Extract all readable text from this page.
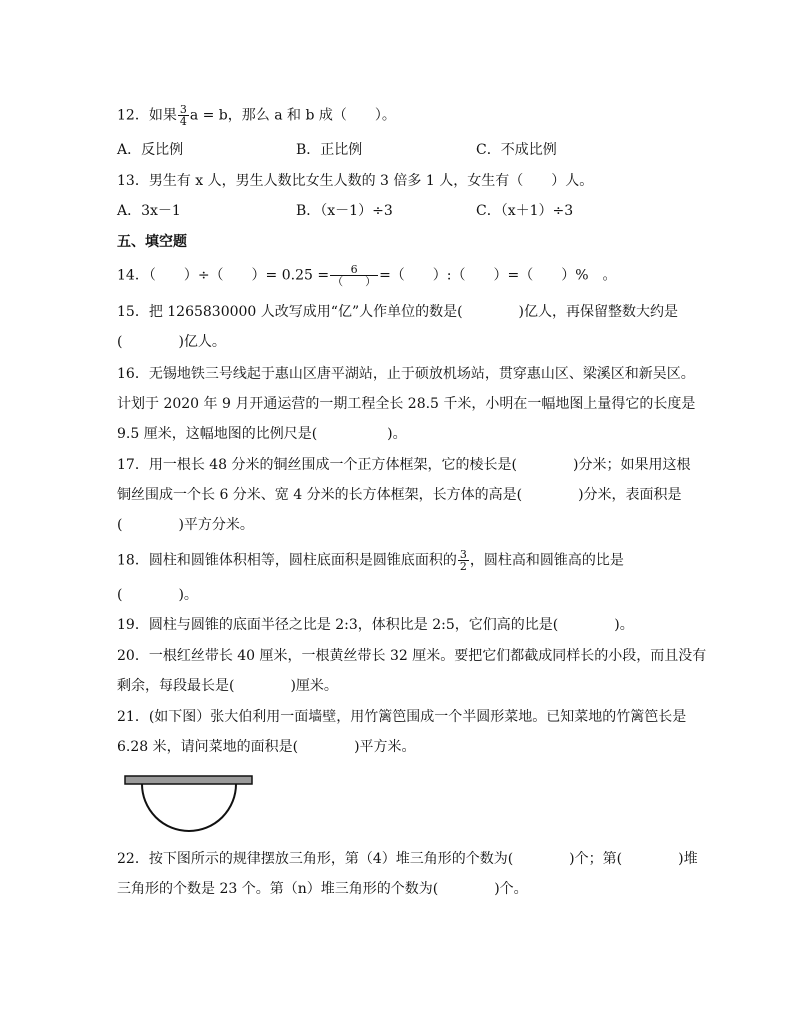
12．如果 $\frac{3}{4}$ a = b，那么 a 和 b 成（　　）。
A．反比例	B．正比例	C．不成比例
13．男生有 x 人，男生人数比女生人数的 3 倍多 1 人，女生有（　　）人。
A．3x－1	B．（x－1）÷3	C．（x＋1）÷3
五、填空题
14．（　　）÷（　　）= $0.25 = \frac{6}{( )}$ =（　　）:（　　）=（　　）%　。
15．把 1265830000 人改写成用“亿”人作单位的数是(　　　　)亿人，再保留整数大约是
(　　　　)亿人。
16．无锡地铁三号线起于惠山区唐平湖站，止于硕放机场站，贯穿惠山区、梁溪区和新吴区。
计划于 2020 年 9 月开通运营的一期工程全长 28.5 千米，小明在一幅地图上量得它的长度是
9.5 厘米，这幅地图的比例尺是(　　　　　)。
17．用一根长 48 分米的铜丝围成一个正方体框架，它的棱长是(　　　　)分米；如果用这根
铜丝围成一个长 6 分米、宽 4 分米的长方体框架，长方体的高是(　　　　)分米，表面积是
(　　　　)平方分米。
18．圆柱和圆锥体积相等，圆柱底面积是圆锥底面积的 $\frac{3}{2}$ ，圆柱高和圆锥高的比是
(　　　　)。
19．圆柱与圆锥的底面半径之比是 2:3，体积比是 2:5，它们高的比是(　　　　)。
20．一根红丝带长 40 厘米，一根黄丝带长 32 厘米。要把它们都截成同样长的小段，而且没有
剩余，每段最长是(　　　　)厘米。
21．(如下图）张大伯利用一面墙壁，用竹篱笆围成一个半圆形菜地。已知菜地的竹篱笆长是
6.28 米，请问菜地的面积是(　　　　)平方米。
22．按下图所示的规律摆放三角形，第（4）堆三角形的个数为(　　　　)个；第(　　　　)堆
三角形的个数是 23 个。第（n）堆三角形的个数为(　　　　)个。
